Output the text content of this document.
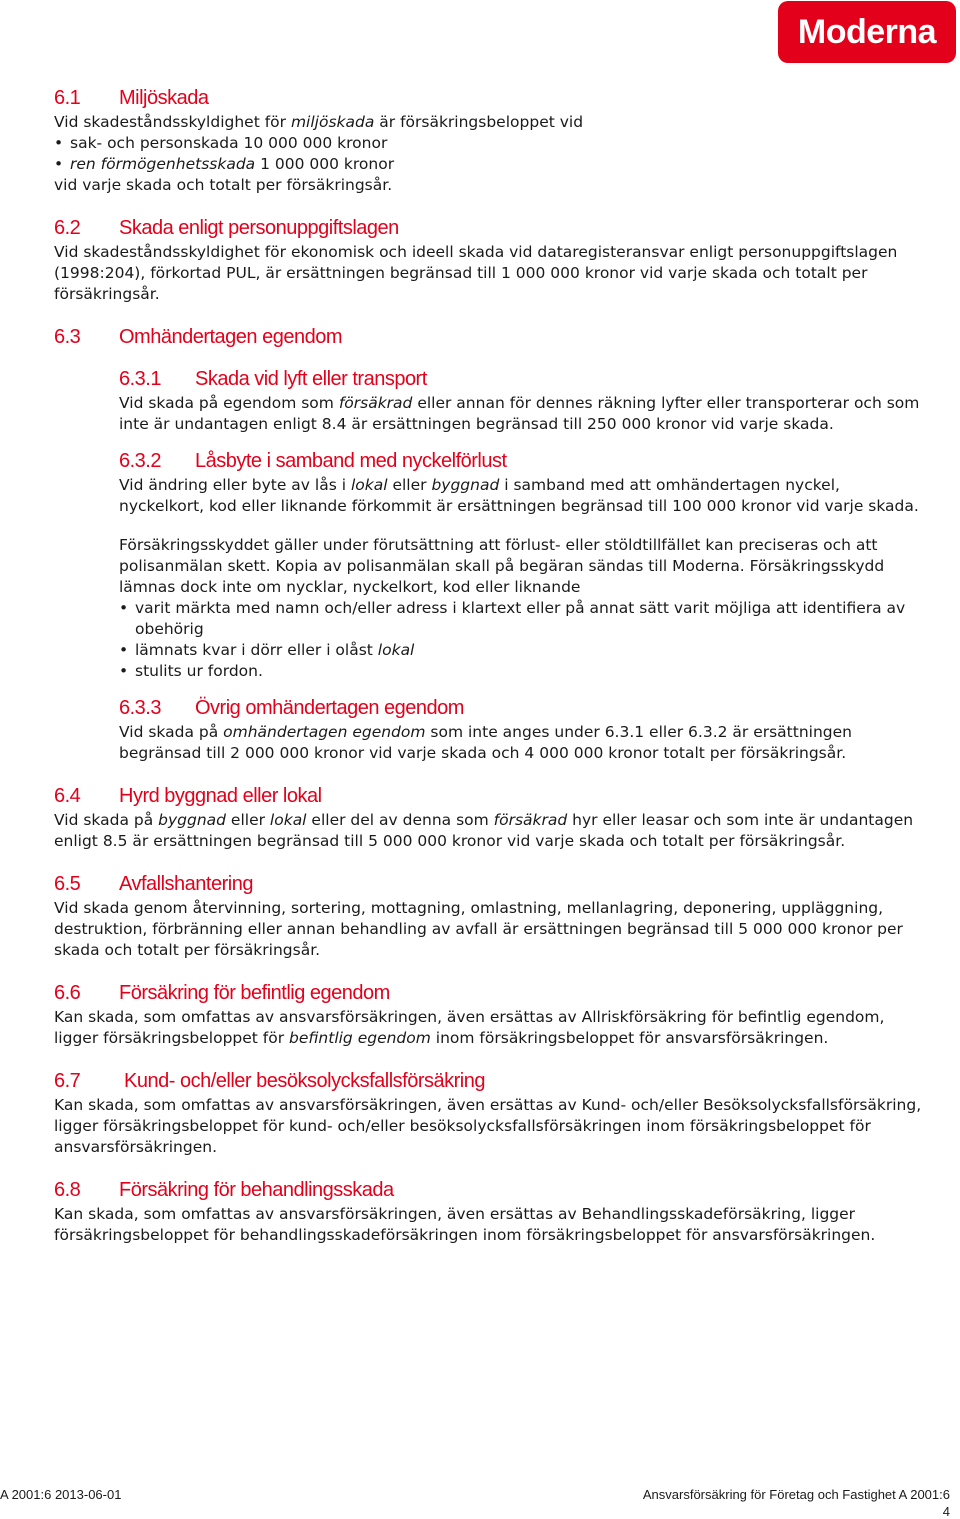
Moderna
6.1	Miljöskada

Vid skadeståndsskyldighet för miljöskada är försäkringsbeloppet vid

• sak- och personskada 10 000 000 kronor
• ren förmögenhetsskada 1 000 000 kronor

vid varje skada och totalt per försäkringsår.

6.2	Skada enligt personuppgiftslagen

Vid skadeståndsskyldighet för ekonomisk och ideell skada vid dataregisteransvar enligt personuppgiftslagen (1998:204), förkortad PUL, är ersättningen begränsad till 1 000 000 kronor vid varje skada och totalt per försäkringsår.

6.3	Omhändertagen egendom
6.3.1	Skada vid lyft eller transport

Vid skada på egendom som försäkrad eller annan för dennes räkning lyfter eller transporterar och som inte är undantagen enligt 8.4 är ersättningen begränsad till 250 000 kronor vid varje skada.

6.3.2	Låsbyte i samband med nyckelförlust

Vid ändring eller byte av lås i lokal eller byggnad i samband med att omhändertagen nyckel, nyckelkort, kod eller liknande förkommit är ersättningen begränsad till 100 000 kronor vid varje skada.

Försäkringsskyddet gäller under förutsättning att förlust- eller stöldtillfället kan preciseras och att polisanmälan skett. Kopia av polisanmälan skall på begäran sändas till Moderna. Försäkringsskydd lämnas dock inte om nycklar, nyckelkort, kod eller liknande

• varit märkta med namn och/eller adress i klartext eller på annat sätt varit möjliga att identifiera av obehörig
• lämnats kvar i dörr eller i olåst lokal
• stulits ur fordon.
6.3.3	Övrig omhändertagen egendom

Vid skada på omhändertagen egendom som inte anges under 6.3.1 eller 6.3.2 är ersättningen begränsad till 2 000 000 kronor vid varje skada och 4 000 000 kronor totalt per försäkringsår.

6.4	Hyrd byggnad eller lokal

Vid skada på byggnad eller lokal eller del av denna som försäkrad hyr eller leasar och som inte är undantagen enligt 8.5 är ersättningen begränsad till 5 000 000 kronor vid varje skada och totalt per försäkringsår.

6.5	Avfallshantering

Vid skada genom återvinning, sortering, mottagning, omlastning, mellanlagring, deponering, uppläggning, destruktion, förbränning eller annan behandling av avfall är ersättningen begränsad till 5 000 000 kronor per skada och totalt per försäkringsår.

6.6	Försäkring för befintlig egendom

Kan skada, som omfattas av ansvarsförsäkringen, även ersättas av Allriskförsäkring för befintlig egendom, ligger försäkringsbeloppet för befintlig egendom inom försäkringsbeloppet för ansvarsförsäkringen.

6.7	Kund- och/eller besöksolycksfallsförsäkring

Kan skada, som omfattas av ansvarsförsäkringen, även ersättas av Kund- och/eller Besöksolycksfallsförsäkring, ligger försäkringsbeloppet för kund- och/eller besöksolycksfallsförsäkringen inom försäkringsbeloppet för ansvarsförsäkringen.

6.8	Försäkring för behandlingsskada

Kan skada, som omfattas av ansvarsförsäkringen, även ersättas av Behandlingsskadeförsäkring, ligger försäkringsbeloppet för behandlingsskadeförsäkringen inom försäkringsbeloppet för ansvarsförsäkringen.

A 2001:6 2013-06-01	Ansvarsförsäkring för Företag och Fastighet A 2001:6
4
